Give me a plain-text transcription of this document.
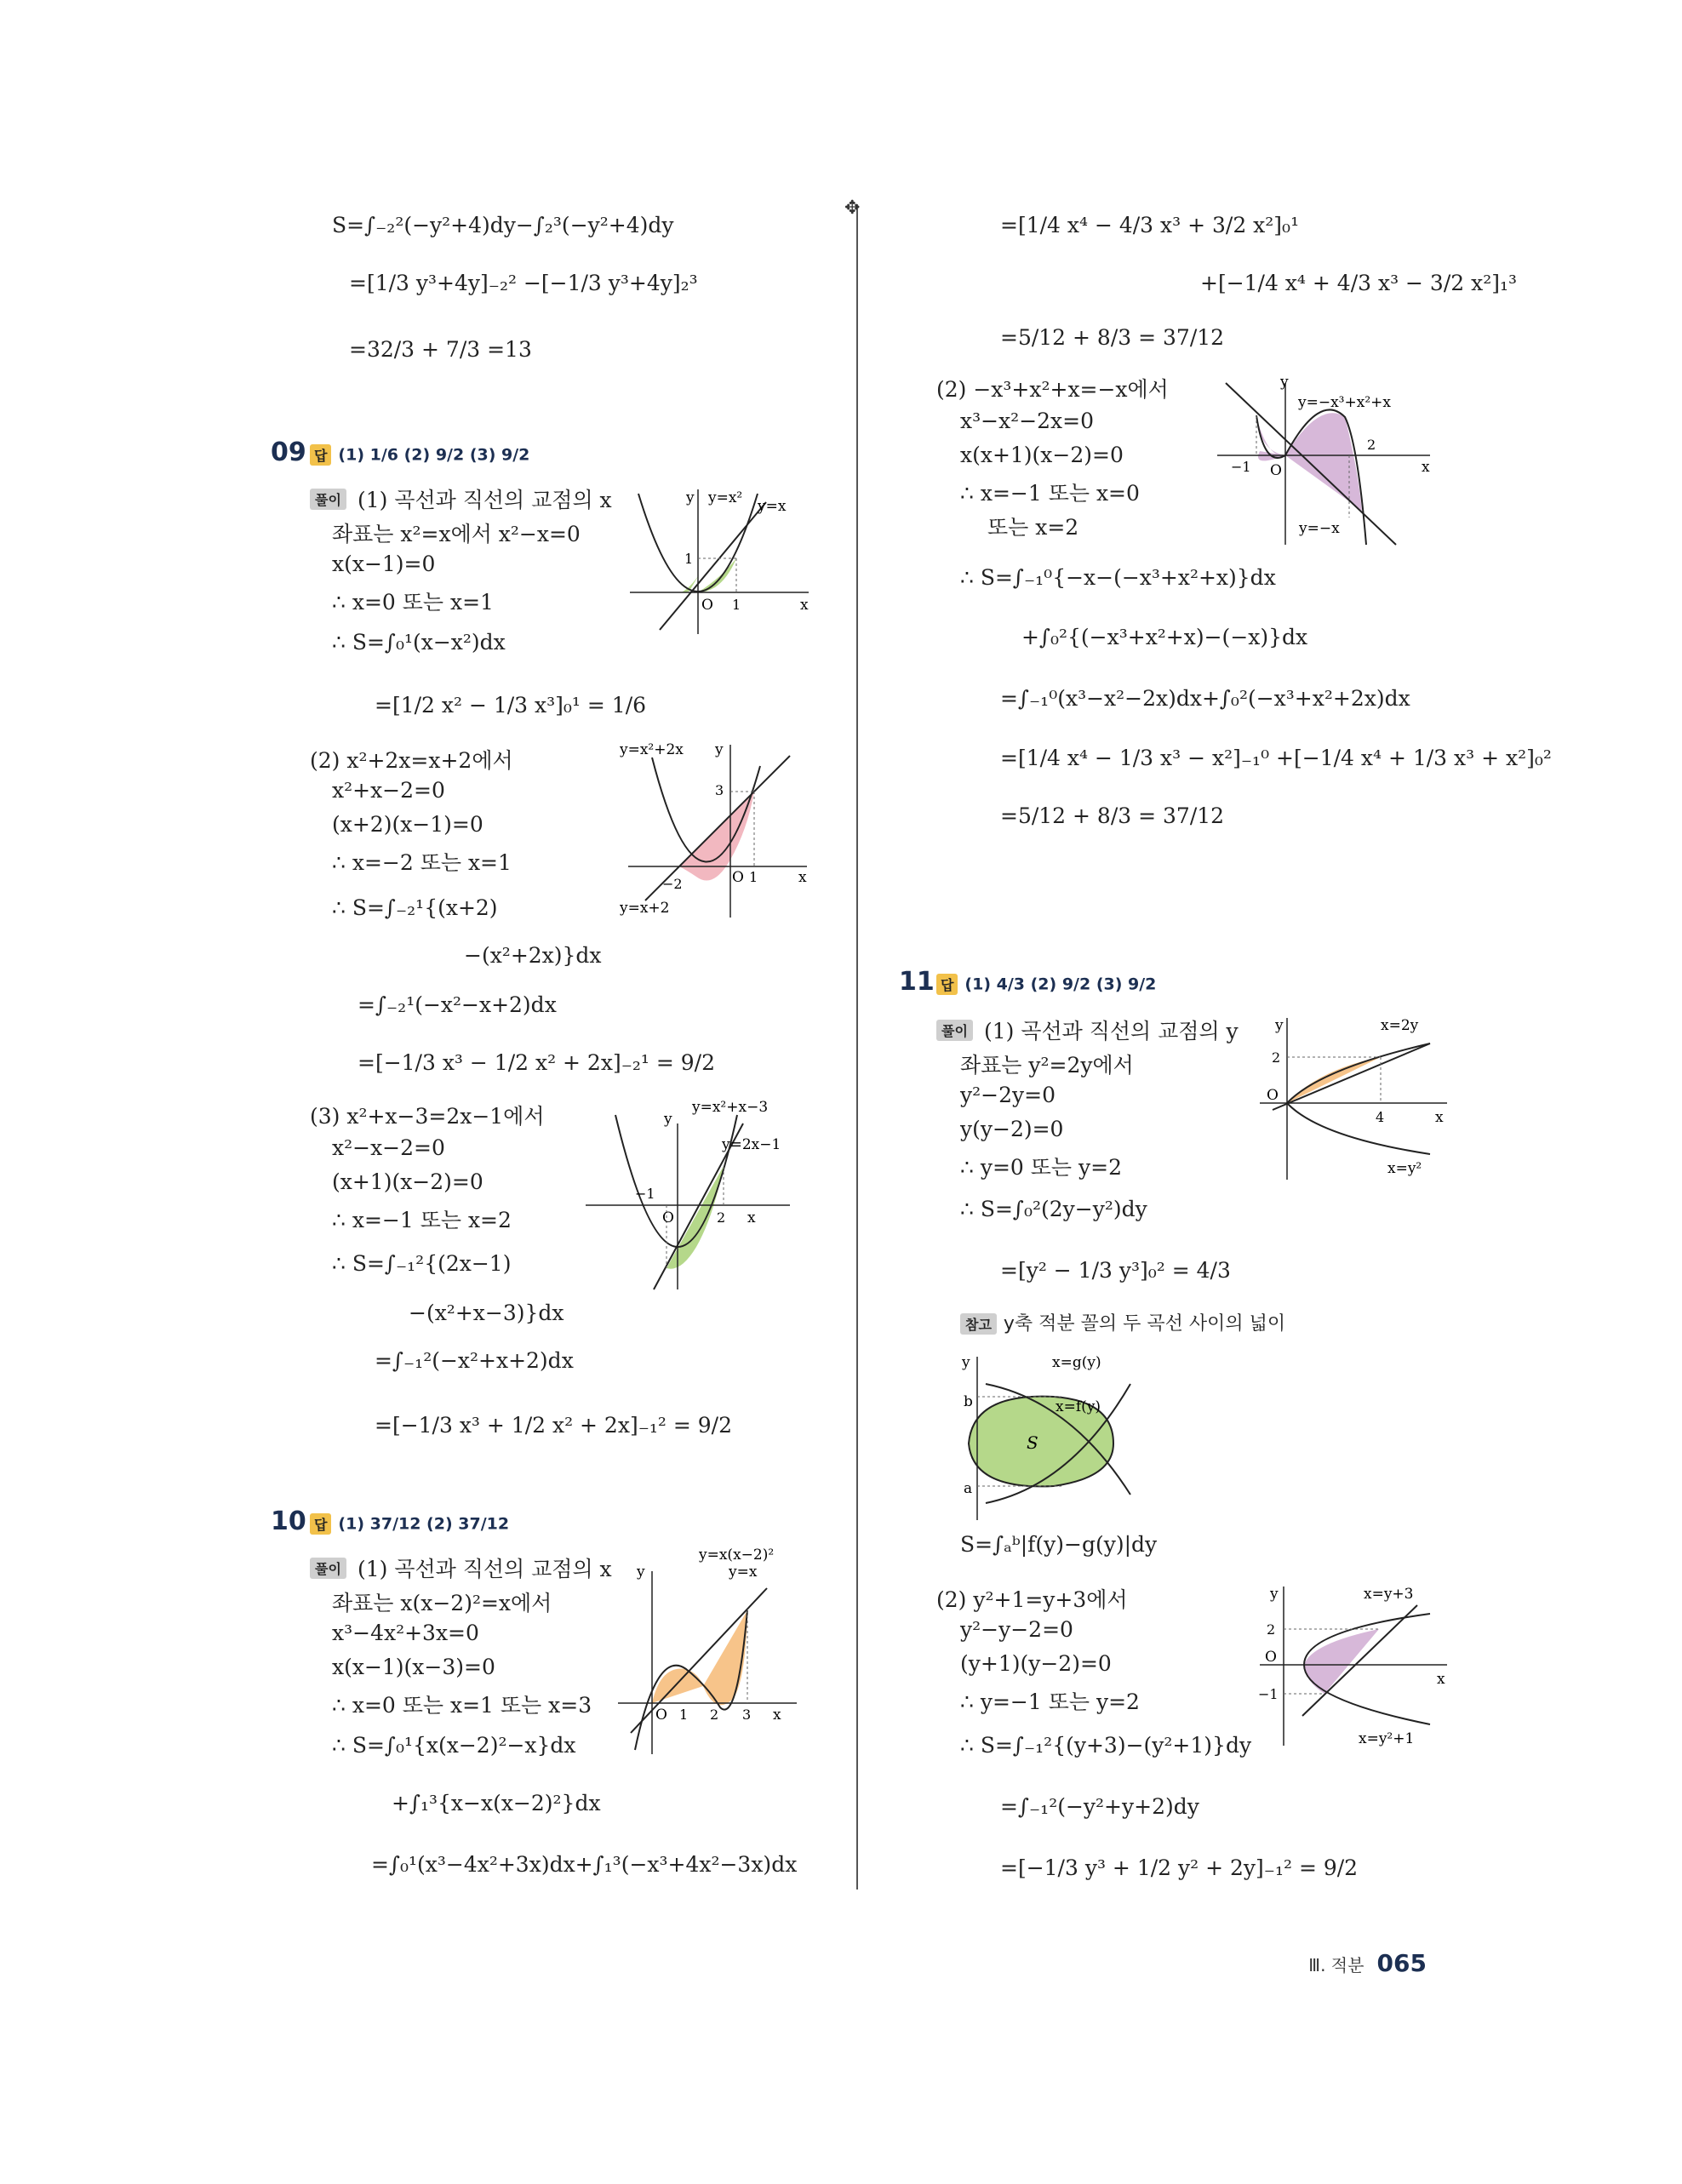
✥
S=∫₋₂²(−y²+4)dy−∫₂³(−y²+4)dy
=[1/3 y³+4y]₋₂² −[−1/3 y³+4y]₂³
=32/3 + 7/3 =13
09 답 (1) 1/6 (2) 9/2 (3) 9/2
풀이 (1) 곡선과 직선의 교점의 x
좌표는 x²=x에서 x²−x=0
x(x−1)=0
∴ x=0 또는 x=1
∴ S=∫₀¹(x−x²)dx
=[1/2 x² − 1/3 x³]₀¹ = 1/6
(2) x²+2x=x+2에서
x²+x−2=0
(x+2)(x−1)=0
∴ x=−2 또는 x=1
∴ S=∫₋₂¹{(x+2)
−(x²+2x)}dx
=∫₋₂¹(−x²−x+2)dx
=[−1/3 x³ − 1/2 x² + 2x]₋₂¹ = 9/2
(3) x²+x−3=2x−1에서
x²−x−2=0
(x+1)(x−2)=0
∴ x=−1 또는 x=2
∴ S=∫₋₁²{(2x−1)
−(x²+x−3)}dx
=∫₋₁²(−x²+x+2)dx
=[−1/3 x³ + 1/2 x² + 2x]₋₁² = 9/2
10 답 (1) 37/12 (2) 37/12
풀이 (1) 곡선과 직선의 교점의 x
좌표는 x(x−2)²=x에서
x³−4x²+3x=0
x(x−1)(x−3)=0
∴ x=0 또는 x=1 또는 x=3
∴ S=∫₀¹{x(x−2)²−x}dx
+∫₁³{x−x(x−2)²}dx
=∫₀¹(x³−4x²+3x)dx+∫₁³(−x³+4x²−3x)dx
=[1/4 x⁴ − 4/3 x³ + 3/2 x²]₀¹
+[−1/4 x⁴ + 4/3 x³ − 3/2 x²]₁³
=5/12 + 8/3 = 37/12
(2) −x³+x²+x=−x에서
x³−x²−2x=0
x(x+1)(x−2)=0
∴ x=−1 또는 x=0
또는 x=2
∴ S=∫₋₁⁰{−x−(−x³+x²+x)}dx
+∫₀²{(−x³+x²+x)−(−x)}dx
=∫₋₁⁰(x³−x²−2x)dx+∫₀²(−x³+x²+2x)dx
=[1/4 x⁴ − 1/3 x³ − x²]₋₁⁰ +[−1/4 x⁴ + 1/3 x³ + x²]₀²
=5/12 + 8/3 = 37/12
11 답 (1) 4/3 (2) 9/2 (3) 9/2
풀이 (1) 곡선과 직선의 교점의 y
좌표는 y²=2y에서
y²−2y=0
y(y−2)=0
∴ y=0 또는 y=2
∴ S=∫₀²(2y−y²)dy
=[y² − 1/3 y³]₀² = 4/3
참고 y축 적분 꼴의 두 곡선 사이의 넓이
S=∫ₐᵇ|f(y)−g(y)|dy
(2) y²+1=y+3에서
y²−y−2=0
(y+1)(y−2)=0
∴ y=−1 또는 y=2
∴ S=∫₋₁²{(y+3)−(y²+1)}dy
=∫₋₁²(−y²+y+2)dy
=[−1/3 y³ + 1/2 y² + 2y]₋₁² = 9/2
y y=x² y=x
1
O 1	x
y=x²+2x y
3
−2	O 1	x
y=x+2
y=x²+x−3
y
y=2x−1
−1
O	2 x
y=x(x−2)²
y	y=x
O 1 2 3 x
y
y=−x³+x²+x
2
−1 O	x
y=−x
y	x=2y
2
O
4	x
x=y²
y	x=g(y)
x=f(y)
b
a
S
y	x=y+3
2
O
−1
x
x=y²+1
Ⅲ. 적분 065
